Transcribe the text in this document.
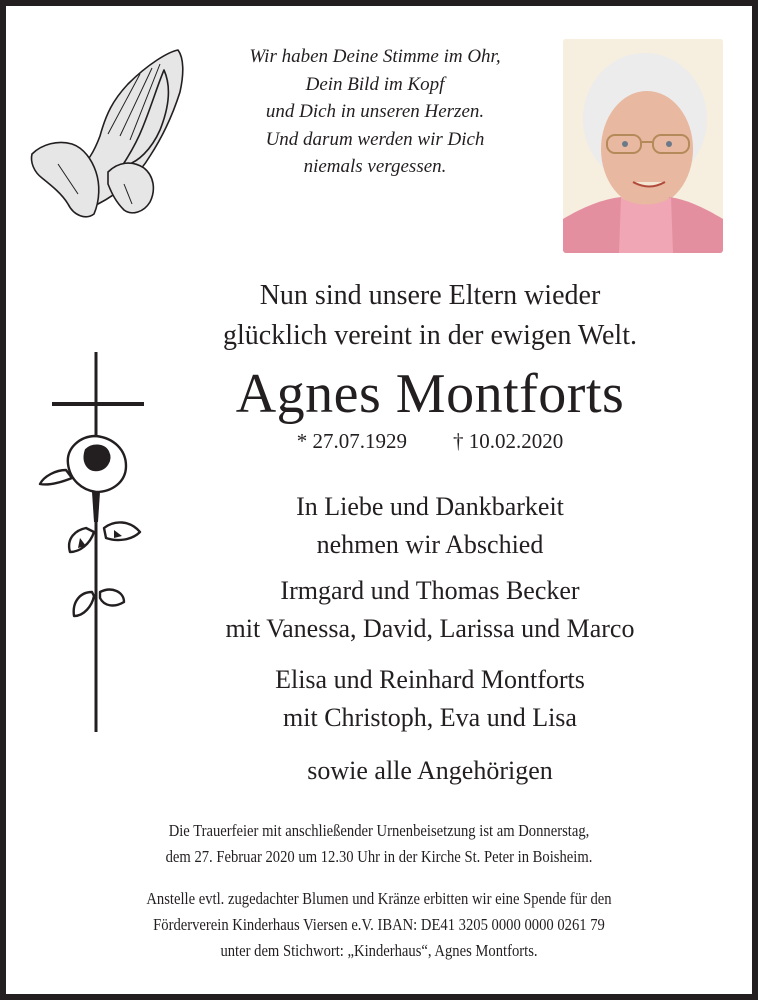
Wir haben Deine Stimme im Ohr,
Dein Bild im Kopf
und Dich in unseren Herzen.
Und darum werden wir Dich
niemals vergessen.
Nun sind unsere Eltern wieder
glücklich vereint in der ewigen Welt.
Agnes Montforts
* 27.07.1929 † 10.02.2020
In Liebe und Dankbarkeit
nehmen wir Abschied
Irmgard und Thomas Becker
mit Vanessa, David, Larissa und Marco
Elisa und Reinhard Montforts
mit Christoph, Eva und Lisa
sowie alle Angehörigen
Die Trauerfeier mit anschließender Urnenbeisetzung ist am Donnerstag,
dem 27. Februar 2020 um 12.30 Uhr in der Kirche St. Peter in Boisheim.
Anstelle evtl. zugedachter Blumen und Kränze erbitten wir eine Spende für den
Förderverein Kinderhaus Viersen e.V. IBAN: DE41 3205 0000 0000 0261 79
unter dem Stichwort: „Kinderhaus“, Agnes Montforts.
